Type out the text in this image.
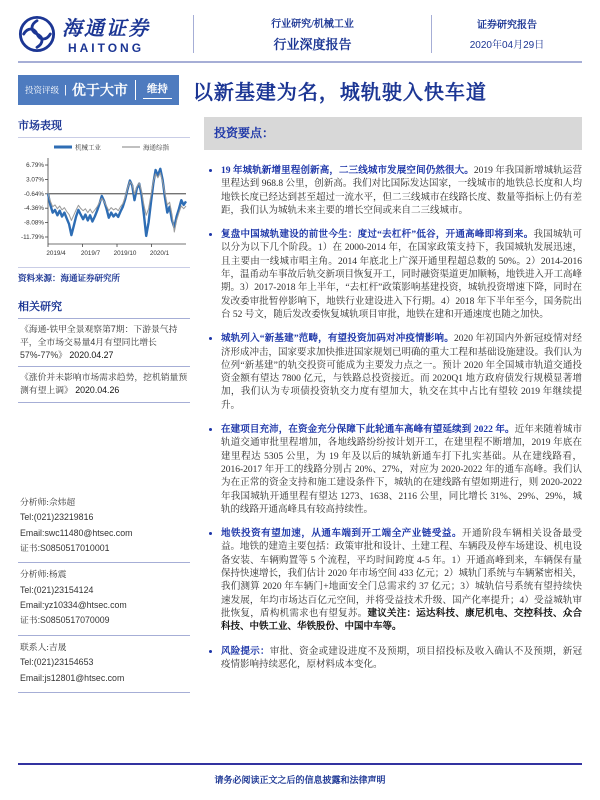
海通证券
HAITONG
行业研究/机械工业
行业深度报告
证券研究报告
2020年04月29日
投资评级 | 优于大市	维持 以新基建为名，城轨驶入快车道
市场表现
6.79%
3.07%
-0.64%
-4.36%
-8.08%
-11.79%
2019/4 2019/7 2019/10 2020/1
机械工业	海通综指
资料来源：海通证券研究所
相关研究
《海通-铁甲全景观察第7期：下游景气持平，全市场交易量4月有望同比增长57%-77%》 2020.04.27
《涨价并未影响市场需求趋势，挖机销量预测有望上调》 2020.04.26
分析师:佘炜超
Tel:(021)23219816
Email:swc11480@htsec.com
证书:S0850517010001
分析师:杨震
Tel:(021)23154124
Email:yz10334@htsec.com
证书:S0850517070009
联系人:吉晟
Tel:(021)23154653
Email:js12801@htsec.com
投资要点：
• 19 年城轨新增里程创新高，二三线城市发展空间仍然很大。2019 年我国新增城轨运营里程达到 968.8 公里，创新高。我们对比国际发达国家，一线城市的地铁总长度和人均地铁长度已经达到甚至超过一流水平，但二三线城市在线路长度、数量等指标上仍有差距，我们认为城轨未来主要的增长空间或来自二三线城市。
• 复盘中国城轨建设的前世今生：度过“去杠杆”低谷，开通高峰即将到来。我国城轨可以分为以下几个阶段。1）在 2000-2014 年，在国家政策支持下，我国城轨发展迅速，且主要由一线城市唱主角。2014 年底北上广深开通里程超总数的 50%。2）2014-2016 年，温甬动车事故后轨交新项目恢复开工，同时融资渠道更加顺畅，地铁进入开工高峰期。3）2017-2018 年上半年，“去杠杆”政策影响基建投资，城轨投资增速下降，同时在发改委审批暂停影响下，地铁行业建设进入下行期。4）2018 年下半年至今，国务院出台 52 号文，随后发改委恢复城轨项目审批，地铁在建和开通速度也随之加快。
• 城轨列入“新基建”范畴，有望投资加码对冲疫情影响。2020 年初国内外新冠疫情对经济形成冲击，国家要求加快推进国家规划已明确的重大工程和基础设施建设。我们认为位列“新基建”的轨交投资可能成为主要发力点之一。预计 2020 年全国城市轨道交通投资金额有望达 7800 亿元，与铁路总投资接近。而 2020Q1 地方政府债发行规模显著增加，我们认为专项债投资轨交力度有望加大，轨交在其中占比有望较 2019 年继续提升。
• 在建项目充沛，在资金充分保障下此轮通车高峰有望延续到 2022 年。近年来随着城市轨道交通审批里程增加，各地线路纷纷按计划开工，在建里程不断增加，2019 年底在建里程达 5305 公里，为 19 年及以后的城轨新通车打下扎实基础。从在建线路看，2016-2017 年开工的线路分别占 20%、27%，对应为 2020-2022 年的通车高峰。我们认为在正常的资金支持和施工建设条件下，城轨的在建线路有望如期进行，则 2020-2022 年我国城轨开通里程有望达 1273、1638、2116 公里，同比增长 31%、29%、29%，城轨的线路开通高峰具有较高持续性。
• 地铁投资有望加速，从通车端到开工端全产业链受益。开通阶段车辆相关设备最受益。地铁的建造主要包括：政策审批和设计、土建工程、车辆段及停车场建设、机电设备安装、车辆购置等 5 个流程，平均时间跨度 4-5 年。1）开通高峰到来，车辆保有量保持快速增长，我们估计 2020 年市场空间 433 亿元；2）城轨门系统与车辆紧密相关，我们测算 2020 年车辆门+地面安全门总需求约 37 亿元；3）城轨信号系统有望持续快速发展，年均市场达百亿元空间，并将受益技术升级、国产化率提升；4）受益城轨审批恢复，盾构机需求也有望复苏。建议关注：运达科技、康尼机电、交控科技、众合科技、中铁工业、华铁股份、中国中车等。
• 风险提示：审批、资金或建设进度不及预期，项目招投标及收入确认不及预期，新冠疫情影响持续恶化，原材料成本变化。
请务必阅读正文之后的信息披露和法律声明
